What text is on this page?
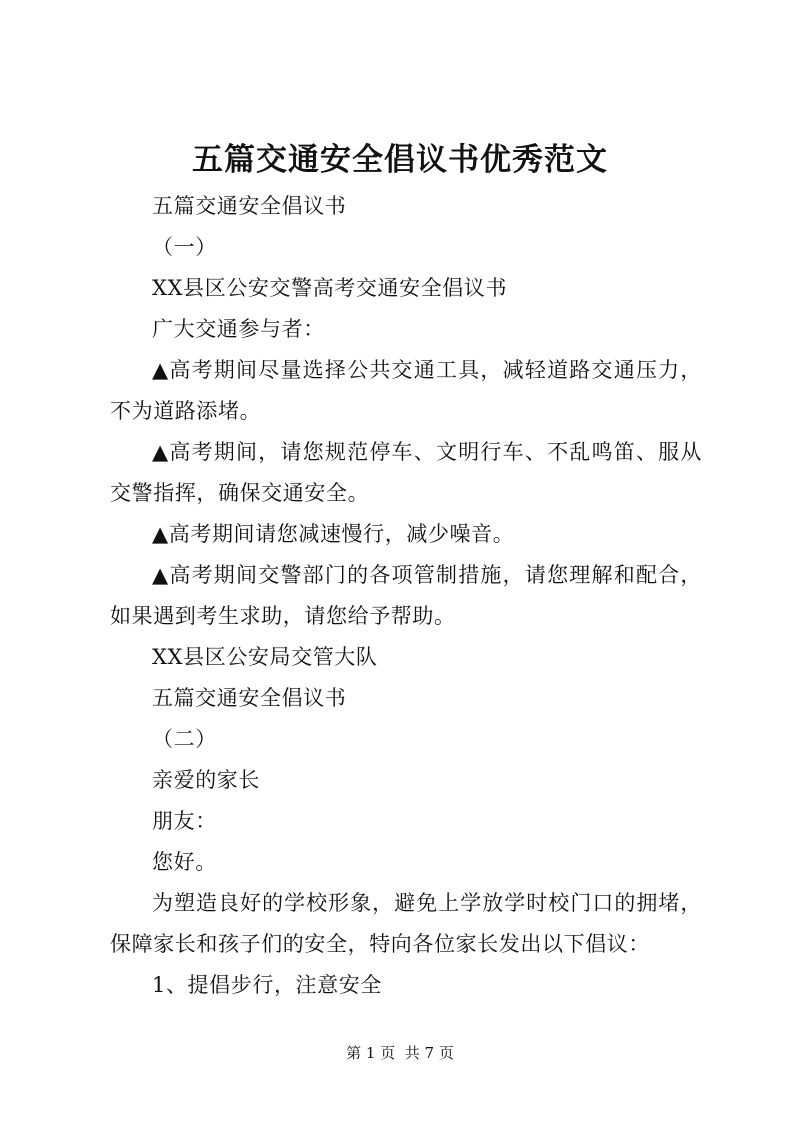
五篇交通安全倡议书优秀范文

五篇交通安全倡议书

（一）

XX县区公安交警高考交通安全倡议书

广大交通参与者：

▲高考期间尽量选择公共交通工具，减轻道路交通压力，不为道路添堵。

▲高考期间，请您规范停车、文明行车、不乱鸣笛、服从交警指挥，确保交通安全。

▲高考期间请您减速慢行，减少噪音。

▲高考期间交警部门的各项管制措施，请您理解和配合，如果遇到考生求助，请您给予帮助。

XX县区公安局交管大队

五篇交通安全倡议书

（二）

亲爱的家长

朋友：

您好。

为塑造良好的学校形象，避免上学放学时校门口的拥堵，保障家长和孩子们的安全，特向各位家长发出以下倡议：

1、提倡步行，注意安全

第 1 页  共 7 页
